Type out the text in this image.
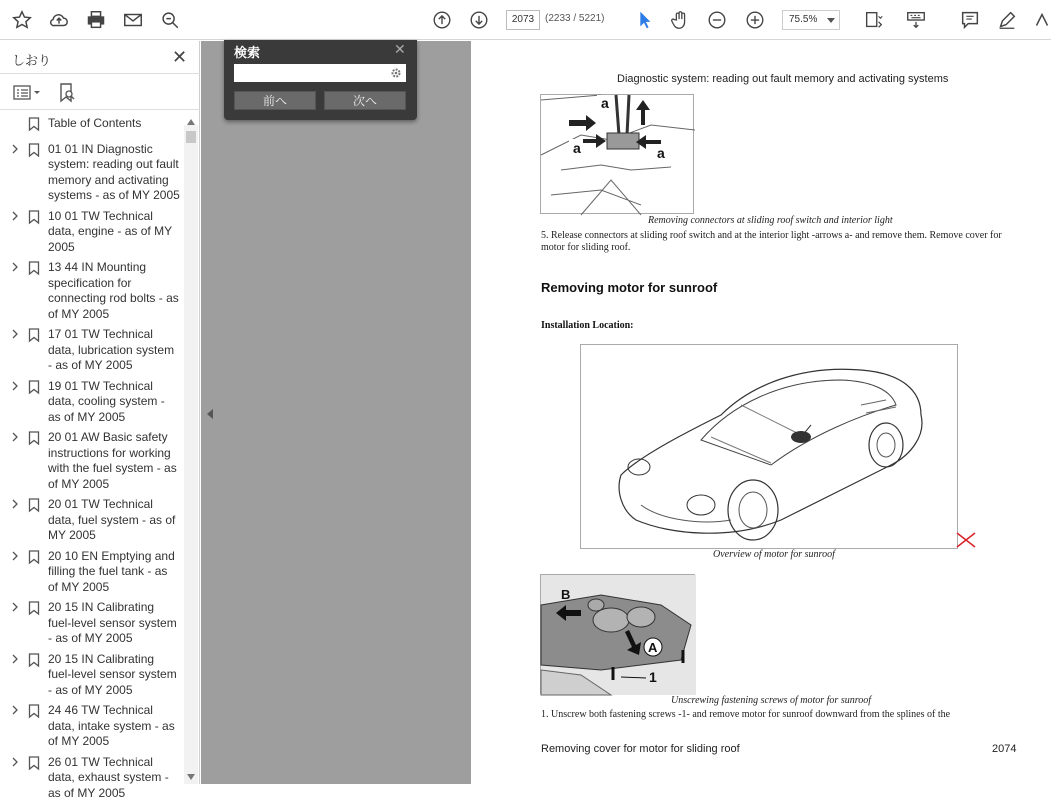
2073	(2233 / 5221)	75.5%
しおり	✕
Table of Contents
01 01 IN Diagnostic system: reading out fault memory and activating systems - as of MY 2005
10 01 TW Technical data, engine - as of MY 2005
13 44 IN Mounting specification for connecting rod bolts - as of MY 2005
17 01 TW Technical data, lubrication system - as of MY 2005
19 01 TW Technical data, cooling system - as of MY 2005
20 01 AW Basic safety instructions for working with the fuel system - as of MY 2005
20 01 TW Technical data, fuel system - as of MY 2005
20 10 EN Emptying and filling the fuel tank - as of MY 2005
20 15 IN Calibrating fuel-level sensor system - as of MY 2005
20 15 IN Calibrating fuel-level sensor system - as of MY 2005
24 46 TW Technical data, intake system - as of MY 2005
26 01 TW Technical data, exhaust system - as of MY 2005
検索	✕
前へ	次へ
Diagnostic system: reading out fault memory and activating systems
a
a	a
Removing connectors at sliding roof switch and interior light
5. Release connectors at sliding roof switch and at the interior light -arrows a- and remove them. Remove cover for motor for sliding roof.
Removing motor for sunroof
Installation Location:
Overview of motor for sunroof
B
A
1
Unscrewing fastening screws of motor for sunroof
1. Unscrew both fastening screws -1- and remove motor for sunroof downward from the splines of the
Removing cover for motor for sliding roof	2074
